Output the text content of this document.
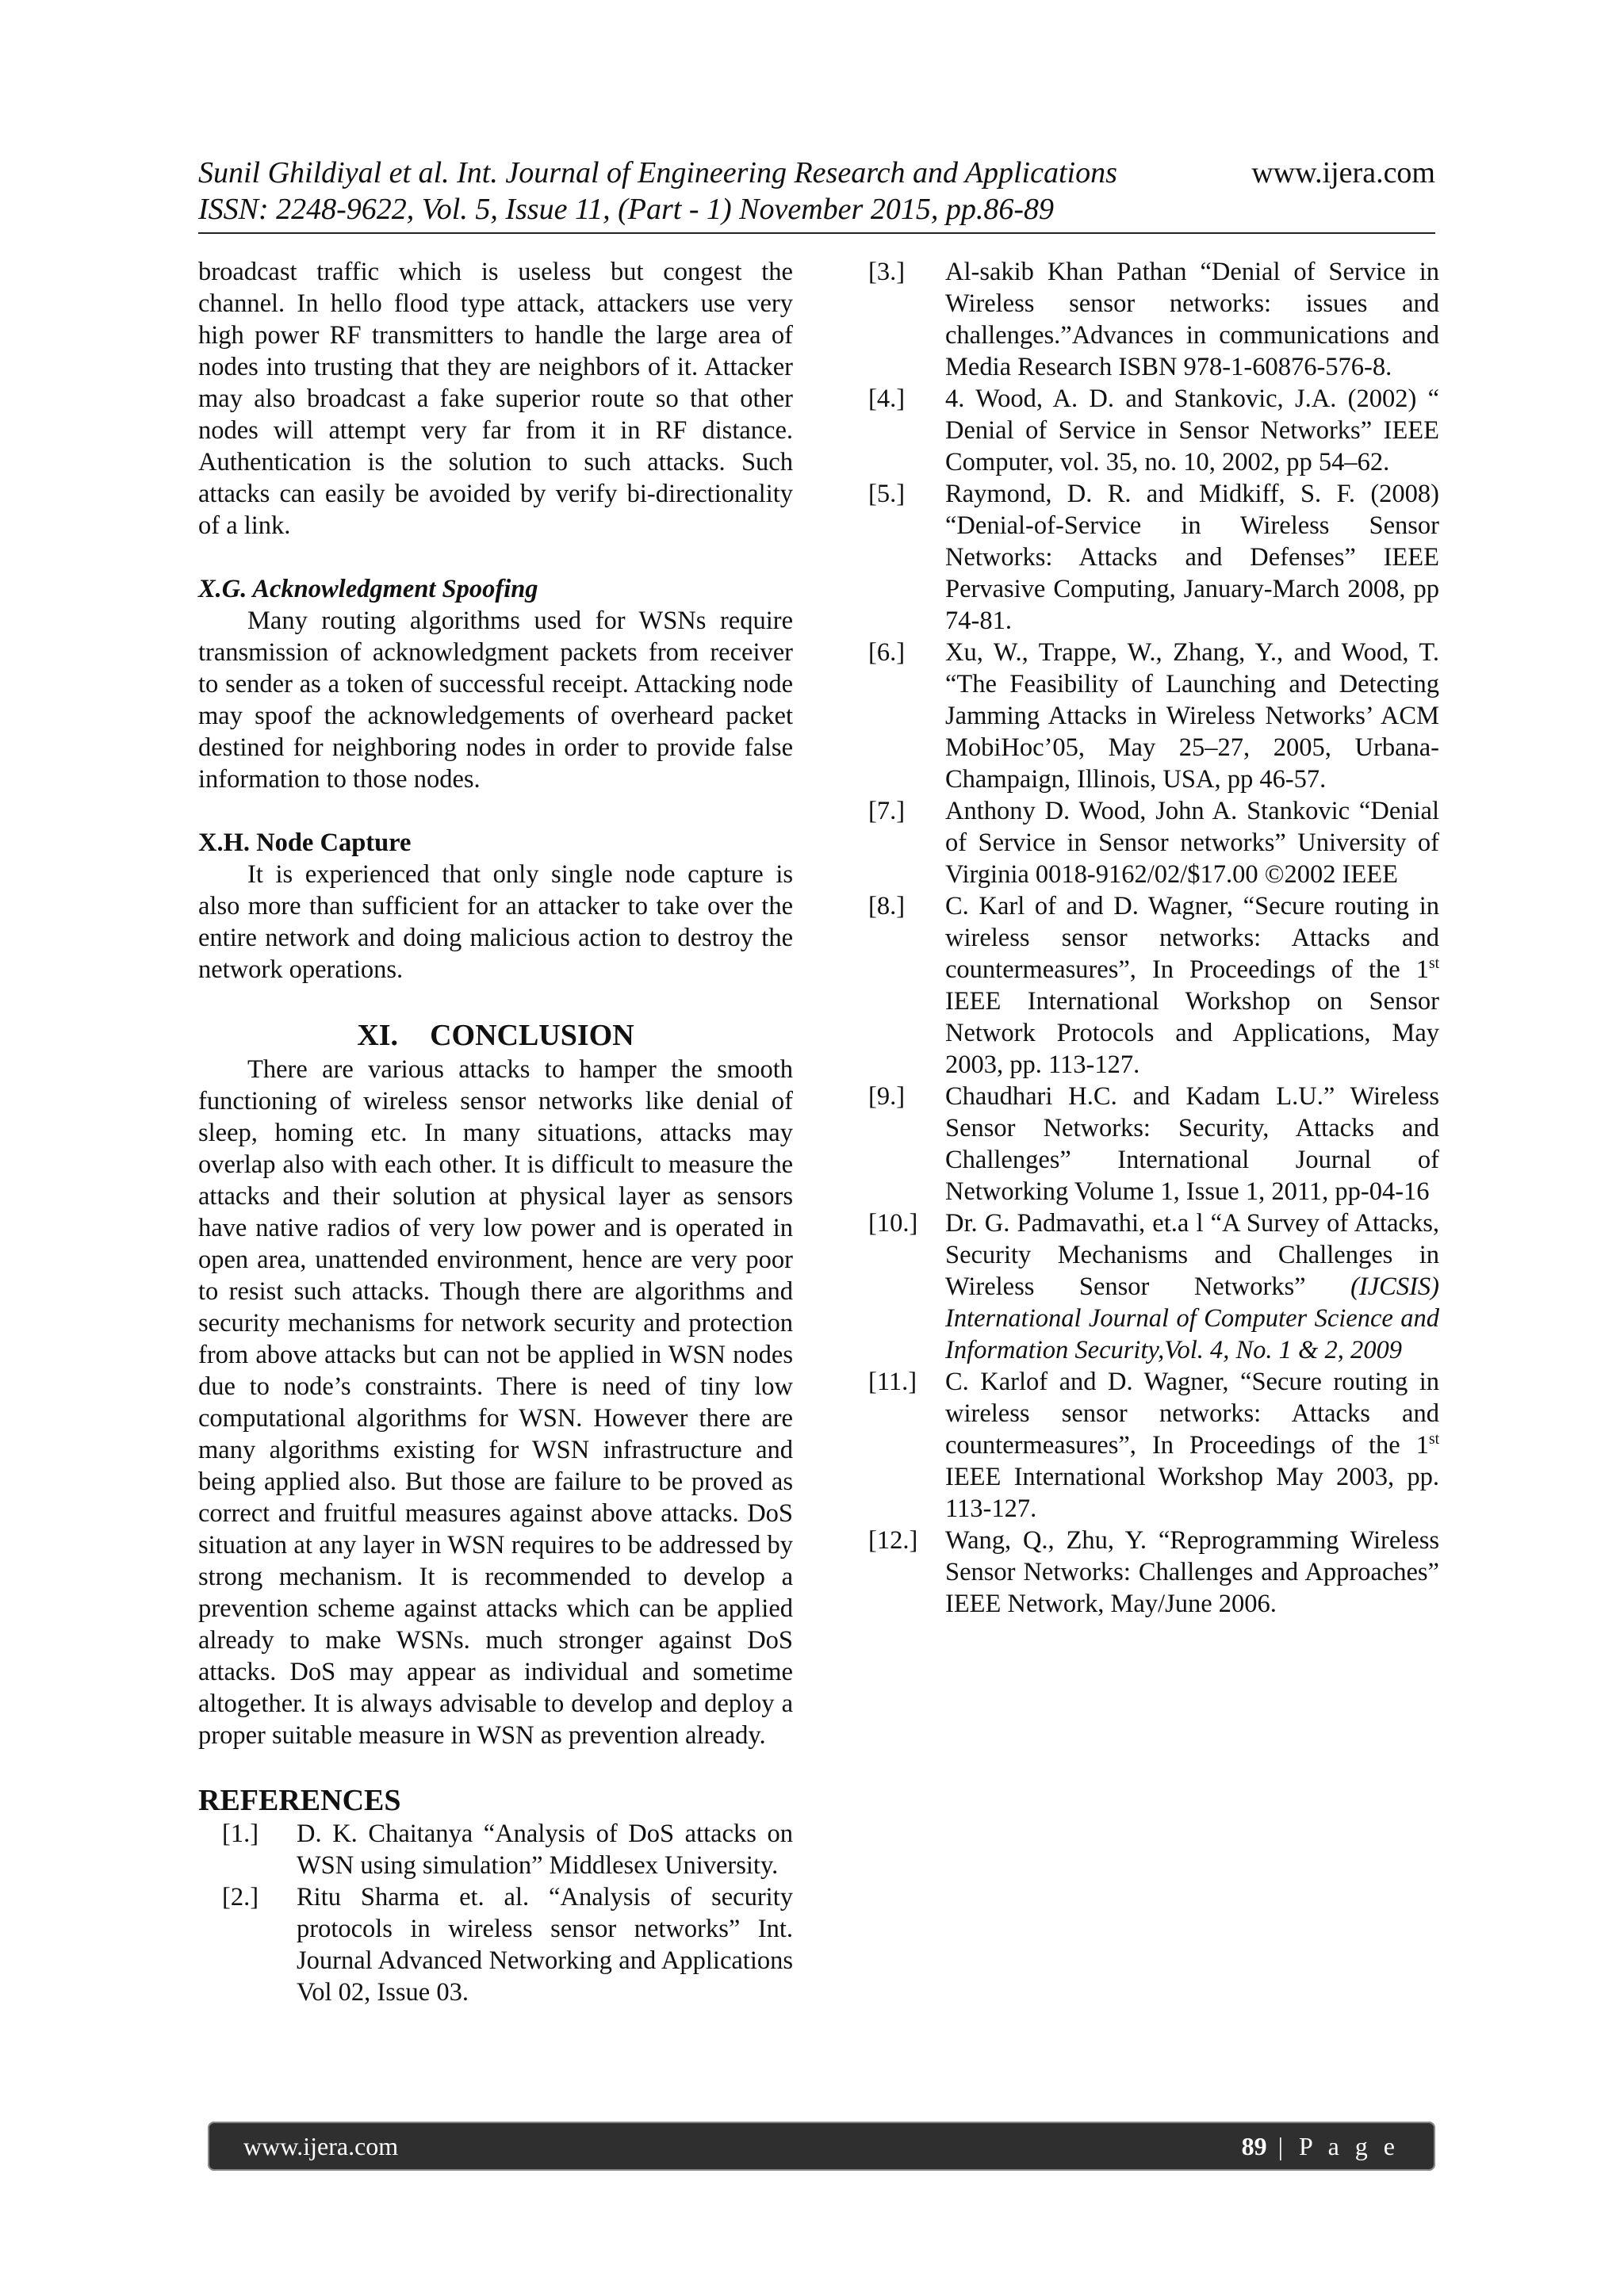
Sunil Ghildiyal et al. Int. Journal of Engineering Research and Applications	www.ijera.com
ISSN: 2248-9622, Vol. 5, Issue 11, (Part - 1) November 2015, pp.86-89

broadcast traffic which is useless but congest the channel. In hello flood type attack, attackers use very high power RF transmitters to handle the large area of nodes into trusting that they are neighbors of it. Attacker may also broadcast a fake superior route so that other nodes will attempt very far from it in RF distance. Authentication is the solution to such attacks. Such attacks can easily be avoided by verify bi-directionality of a link.

X.G. Acknowledgment Spoofing

Many routing algorithms used for WSNs require transmission of acknowledgment packets from receiver to sender as a token of successful receipt. Attacking node may spoof the acknowledgements of overheard packet destined for neighboring nodes in order to provide false information to those nodes.

X.H. Node Capture

It is experienced that only single node capture is also more than sufficient for an attacker to take over the entire network and doing malicious action to destroy the network operations.

XI. CONCLUSION

There are various attacks to hamper the smooth functioning of wireless sensor networks like denial of sleep, homing etc. In many situations, attacks may overlap also with each other. It is difficult to measure the attacks and their solution at physical layer as sensors have native radios of very low power and is operated in open area, unattended environment, hence are very poor to resist such attacks. Though there are algorithms and security mechanisms for network security and protection from above attacks but can not be applied in WSN nodes due to node’s constraints. There is need of tiny low computational algorithms for WSN. However there are many algorithms existing for WSN infrastructure and being applied also. But those are failure to be proved as correct and fruitful measures against above attacks. DoS situation at any layer in WSN requires to be addressed by strong mechanism. It is recommended to develop a prevention scheme against attacks which can be applied already to make WSNs. much stronger against DoS attacks. DoS may appear as individual and sometime altogether. It is always advisable to develop and deploy a proper suitable measure in WSN as prevention already.

REFERENCES
[1.]	D. K. Chaitanya “Analysis of DoS attacks on WSN using simulation” Middlesex University.
[2.]	Ritu Sharma et. al. “Analysis of security protocols in wireless sensor networks” Int. Journal Advanced Networking and Applications Vol 02, Issue 03.
[3.]	Al-sakib Khan Pathan “Denial of Service in Wireless sensor networks: issues and challenges.”Advances in communications and Media Research ISBN 978-1-60876-576-8.
[4.]	4. Wood, A. D. and Stankovic, J.A. (2002) “ Denial of Service in Sensor Networks” IEEE Computer, vol. 35, no. 10, 2002, pp 54–62.
[5.]	Raymond, D. R. and Midkiff, S. F. (2008) “Denial-of-Service in Wireless Sensor Networks: Attacks and Defenses” IEEE Pervasive Computing, January-March 2008, pp 74-81.
[6.]	Xu, W., Trappe, W., Zhang, Y., and Wood, T. “The Feasibility of Launching and Detecting Jamming Attacks in Wireless Networks’ ACM MobiHoc’05, May 25–27, 2005, Urbana-Champaign, Illinois, USA, pp 46-57.
[7.]	Anthony D. Wood, John A. Stankovic “Denial of Service in Sensor networks” University of Virginia 0018-9162/02/$17.00 ©2002 IEEE
[8.]	C. Karl of and D. Wagner, “Secure routing in wireless sensor networks: Attacks and countermeasures”, In Proceedings of the 1st IEEE International Workshop on Sensor Network Protocols and Applications, May 2003, pp. 113-127.
[9.]	Chaudhari H.C. and Kadam L.U.” Wireless Sensor Networks: Security, Attacks and Challenges” International Journal of Networking Volume 1, Issue 1, 2011, pp-04-16
[10.]	Dr. G. Padmavathi, et.a l “A Survey of Attacks, Security Mechanisms and Challenges in Wireless Sensor Networks” (IJCSIS) International Journal of Computer Science and Information Security,Vol. 4, No. 1 & 2, 2009
[11.]	C. Karlof and D. Wagner, “Secure routing in wireless sensor networks: Attacks and countermeasures”, In Proceedings of the 1st IEEE International Workshop May 2003, pp. 113-127.
[12.]	Wang, Q., Zhu, Y. “Reprogramming Wireless Sensor Networks: Challenges and Approaches” IEEE Network, May/June 2006.
www.ijera.com	89 | P a g e
